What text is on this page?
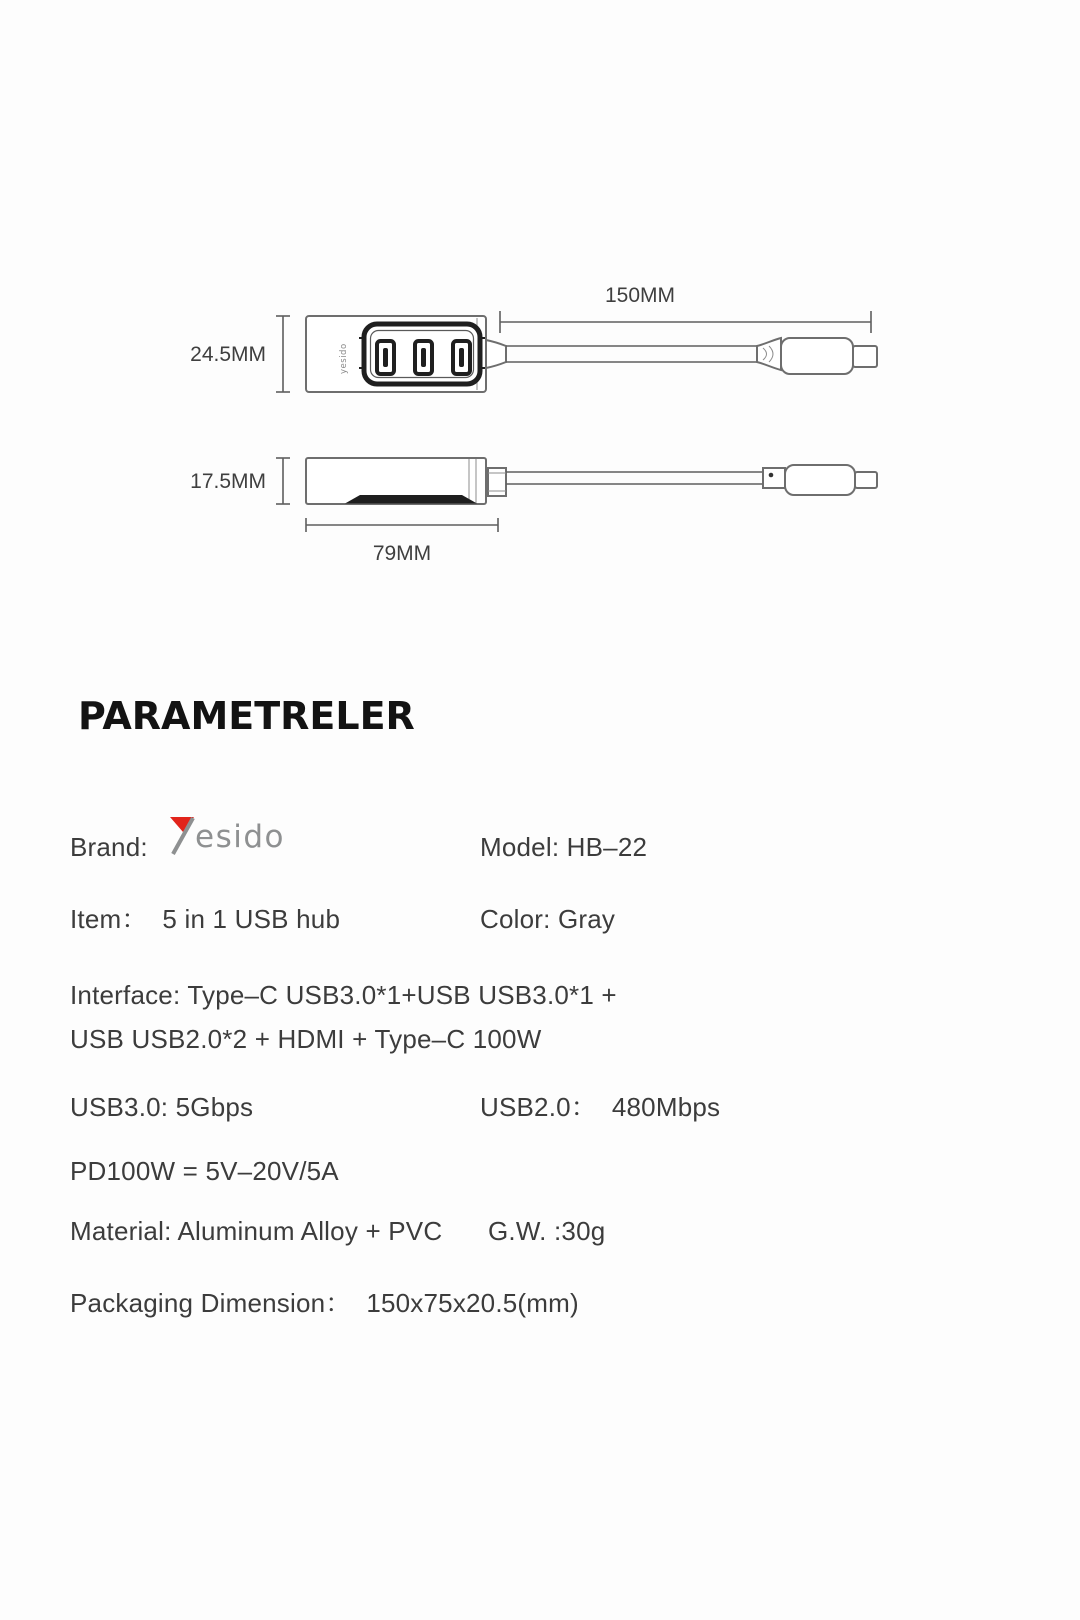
150MM
24.5MM	yesido
17.5MM
79MM
PARAMETRELER
Brand: esido	Model: HB–22
Item：  5 in 1 USB hub	Color: Gray
Interface: Type–C USB3.0*1+USB USB3.0*1 +
USB USB2.0*2 + HDMI + Type–C 100W
USB3.0: 5Gbps	USB2.0：  480Mbps
PD100W = 5V–20V/5A
Material: Aluminum Alloy + PVC G.W. :30g
Packaging Dimension：  150x75x20.5(mm)
